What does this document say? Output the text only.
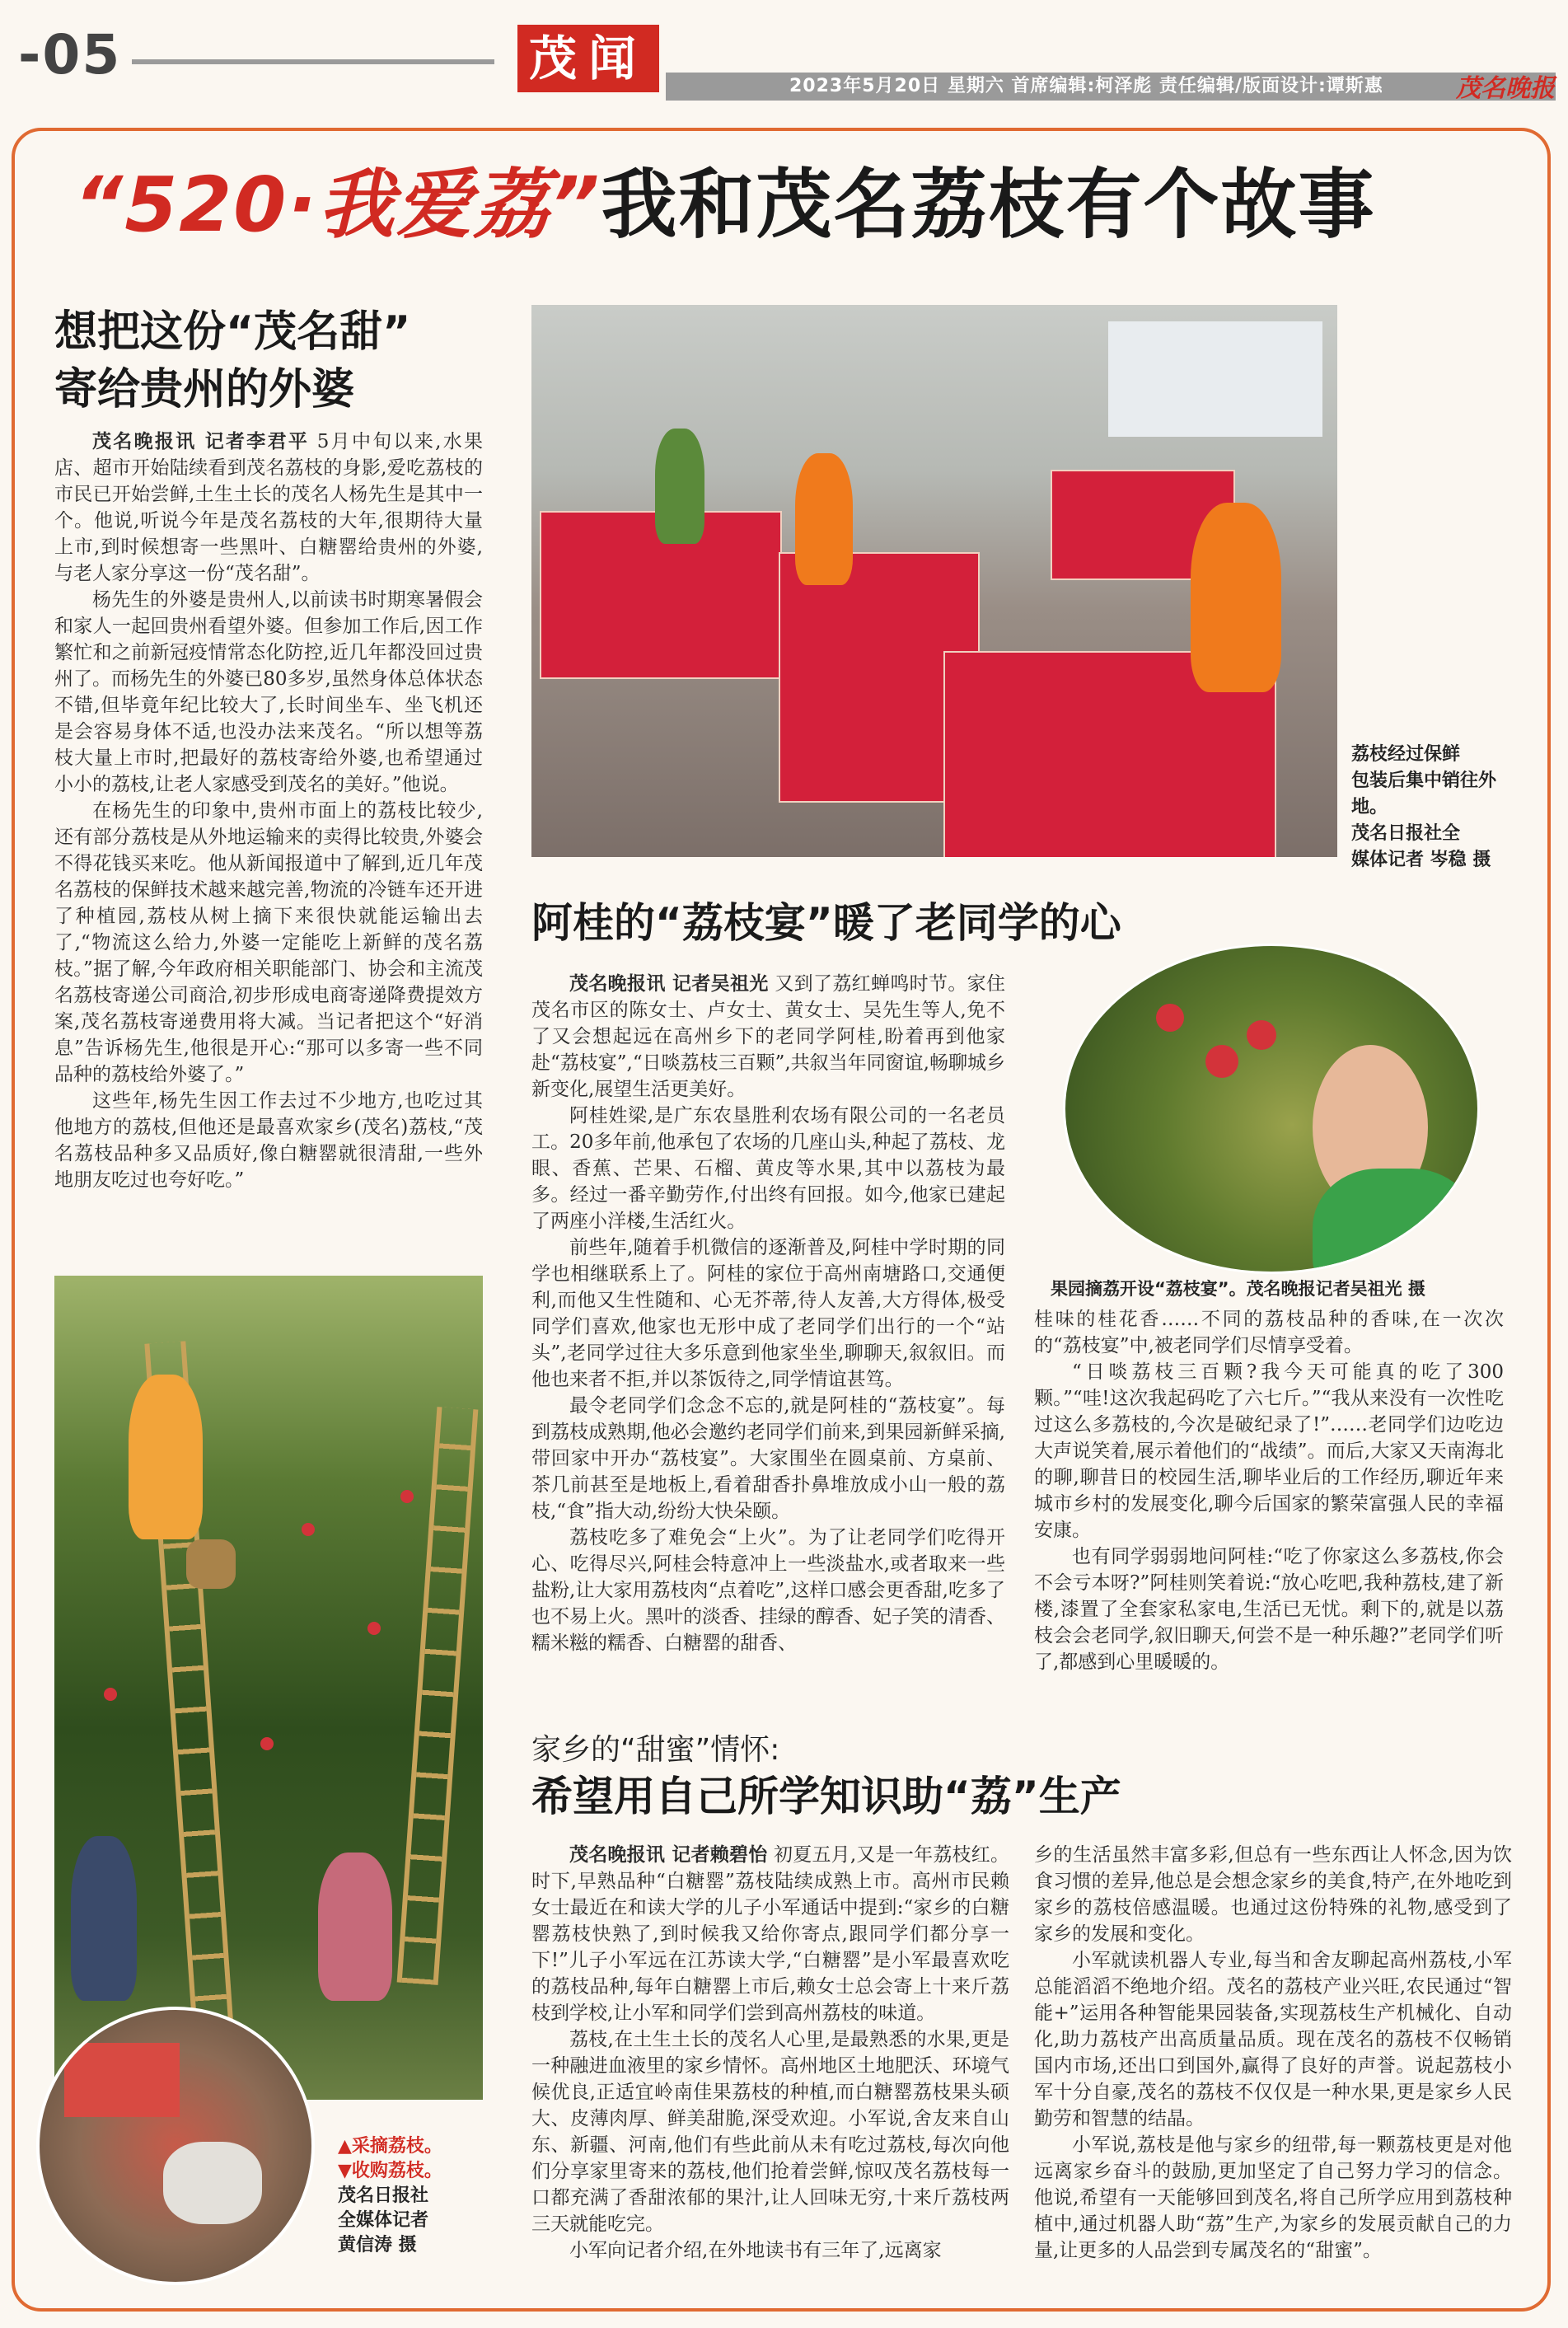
-05	茂闻	2023年5月20日 星期六 首席编辑:柯泽彪 责任编辑/版面设计:谭斯惠	茂名晚报
“520·我爱荔”我和茂名荔枝有个故事
想把这份“茂名甜”
寄给贵州的外婆

茂名晚报讯 记者李君平 5月中旬以来,水果店、超市开始陆续看到茂名荔枝的身影,爱吃荔枝的市民已开始尝鲜,土生土长的茂名人杨先生是其中一个。他说,听说今年是茂名荔枝的大年,很期待大量上市,到时候想寄一些黑叶、白糖罂给贵州的外婆,与老人家分享这一份“茂名甜”。

杨先生的外婆是贵州人,以前读书时期寒暑假会和家人一起回贵州看望外婆。但参加工作后,因工作繁忙和之前新冠疫情常态化防控,近几年都没回过贵州了。而杨先生的外婆已80多岁,虽然身体总体状态不错,但毕竟年纪比较大了,长时间坐车、坐飞机还是会容易身体不适,也没办法来茂名。“所以想等荔枝大量上市时,把最好的荔枝寄给外婆,也希望通过小小的荔枝,让老人家感受到茂名的美好。”他说。

在杨先生的印象中,贵州市面上的荔枝比较少,还有部分荔枝是从外地运输来的卖得比较贵,外婆会不得花钱买来吃。他从新闻报道中了解到,近几年茂名荔枝的保鲜技术越来越完善,物流的冷链车还开进了种植园,荔枝从树上摘下来很快就能运输出去了,“物流这么给力,外婆一定能吃上新鲜的茂名荔枝。”据了解,今年政府相关职能部门、协会和主流茂名荔枝寄递公司商洽,初步形成电商寄递降费提效方案,茂名荔枝寄递费用将大减。当记者把这个“好消息”告诉杨先生,他很是开心:“那可以多寄一些不同品种的荔枝给外婆了。”

这些年,杨先生因工作去过不少地方,也吃过其他地方的荔枝,但他还是最喜欢家乡(茂名)荔枝,“茂名荔枝品种多又品质好,像白糖罂就很清甜,一些外地朋友吃过也夸好吃。”

荔枝经过保鲜
包装后集中销往外
地。
茂名日报社全
媒体记者 岑稳 摄
阿桂的“荔枝宴”暖了老同学的心

茂名晚报讯 记者吴祖光 又到了荔红蝉鸣时节。家住茂名市区的陈女士、卢女士、黄女士、吴先生等人,免不了又会想起远在高州乡下的老同学阿桂,盼着再到他家赴“荔枝宴”,“日啖荔枝三百颗”,共叙当年同窗谊,畅聊城乡新变化,展望生活更美好。

阿桂姓梁,是广东农垦胜利农场有限公司的一名老员工。20多年前,他承包了农场的几座山头,种起了荔枝、龙眼、香蕉、芒果、石榴、黄皮等水果,其中以荔枝为最多。经过一番辛勤劳作,付出终有回报。如今,他家已建起了两座小洋楼,生活红火。

前些年,随着手机微信的逐渐普及,阿桂中学时期的同学也相继联系上了。阿桂的家位于高州南塘路口,交通便利,而他又生性随和、心无芥蒂,待人友善,大方得体,极受同学们喜欢,他家也无形中成了老同学们出行的一个“站头”,老同学过往大多乐意到他家坐坐,聊聊天,叙叙旧。而他也来者不拒,并以茶饭待之,同学情谊甚笃。

最令老同学们念念不忘的,就是阿桂的“荔枝宴”。每到荔枝成熟期,他必会邀约老同学们前来,到果园新鲜采摘,带回家中开办“荔枝宴”。大家围坐在圆桌前、方桌前、茶几前甚至是地板上,看着甜香扑鼻堆放成小山一般的荔枝,“食”指大动,纷纷大快朵颐。

荔枝吃多了难免会“上火”。为了让老同学们吃得开心、吃得尽兴,阿桂会特意冲上一些淡盐水,或者取来一些盐粉,让大家用荔枝肉“点着吃”,这样口感会更香甜,吃多了也不易上火。黑叶的淡香、挂绿的醇香、妃子笑的清香、糯米糍的糯香、白糖罂的甜香、

果园摘荔开设“荔枝宴”。茂名晚报记者吴祖光 摄

桂味的桂花香……不同的荔枝品种的香味,在一次次的“荔枝宴”中,被老同学们尽情享受着。

“日啖荔枝三百颗?我今天可能真的吃了300颗。”“哇!这次我起码吃了六七斤。”“我从来没有一次性吃过这么多荔枝的,今次是破纪录了!”……老同学们边吃边大声说笑着,展示着他们的“战绩”。而后,大家又天南海北的聊,聊昔日的校园生活,聊毕业后的工作经历,聊近年来城市乡村的发展变化,聊今后国家的繁荣富强人民的幸福安康。

也有同学弱弱地问阿桂:“吃了你家这么多荔枝,你会不会亏本呀?”阿桂则笑着说:“放心吃吧,我种荔枝,建了新楼,漆置了全套家私家电,生活已无忧。剩下的,就是以荔枝会会老同学,叙旧聊天,何尝不是一种乐趣?”老同学们听了,都感到心里暖暖的。

家乡的“甜蜜”情怀:
希望用自己所学知识助“荔”生产

茂名晚报讯 记者赖碧怡 初夏五月,又是一年荔枝红。时下,早熟品种“白糖罂”荔枝陆续成熟上市。高州市民赖女士最近在和读大学的儿子小军通话中提到:“家乡的白糖罂荔枝快熟了,到时候我又给你寄点,跟同学们都分享一下!”儿子小军远在江苏读大学,“白糖罂”是小军最喜欢吃的荔枝品种,每年白糖罂上市后,赖女士总会寄上十来斤荔枝到学校,让小军和同学们尝到高州荔枝的味道。

荔枝,在土生土长的茂名人心里,是最熟悉的水果,更是一种融进血液里的家乡情怀。高州地区土地肥沃、环境气候优良,正适宜岭南佳果荔枝的种植,而白糖罂荔枝果头硕大、皮薄肉厚、鲜美甜脆,深受欢迎。小军说,舍友来自山东、新疆、河南,他们有些此前从未有吃过荔枝,每次向他们分享家里寄来的荔枝,他们抢着尝鲜,惊叹茂名荔枝每一口都充满了香甜浓郁的果汁,让人回味无穷,十来斤荔枝两三天就能吃完。

小军向记者介绍,在外地读书有三年了,远离家

乡的生活虽然丰富多彩,但总有一些东西让人怀念,因为饮食习惯的差异,他总是会想念家乡的美食,特产,在外地吃到家乡的荔枝倍感温暖。也通过这份特殊的礼物,感受到了家乡的发展和变化。

小军就读机器人专业,每当和舍友聊起高州荔枝,小军总能滔滔不绝地介绍。茂名的荔枝产业兴旺,农民通过“智能+”运用各种智能果园装备,实现荔枝生产机械化、自动化,助力荔枝产出高质量品质。现在茂名的荔枝不仅畅销国内市场,还出口到国外,赢得了良好的声誉。说起荔枝小军十分自豪,茂名的荔枝不仅仅是一种水果,更是家乡人民勤劳和智慧的结晶。

小军说,荔枝是他与家乡的纽带,每一颗荔枝更是对他远离家乡奋斗的鼓励,更加坚定了自己努力学习的信念。他说,希望有一天能够回到茂名,将自己所学应用到荔枝种植中,通过机器人助“荔”生产,为家乡的发展贡献自己的力量,让更多的人品尝到专属茂名的“甜蜜”。

▲采摘荔枝。
▼收购荔枝。
茂名日报社
全媒体记者
黄信涛 摄
